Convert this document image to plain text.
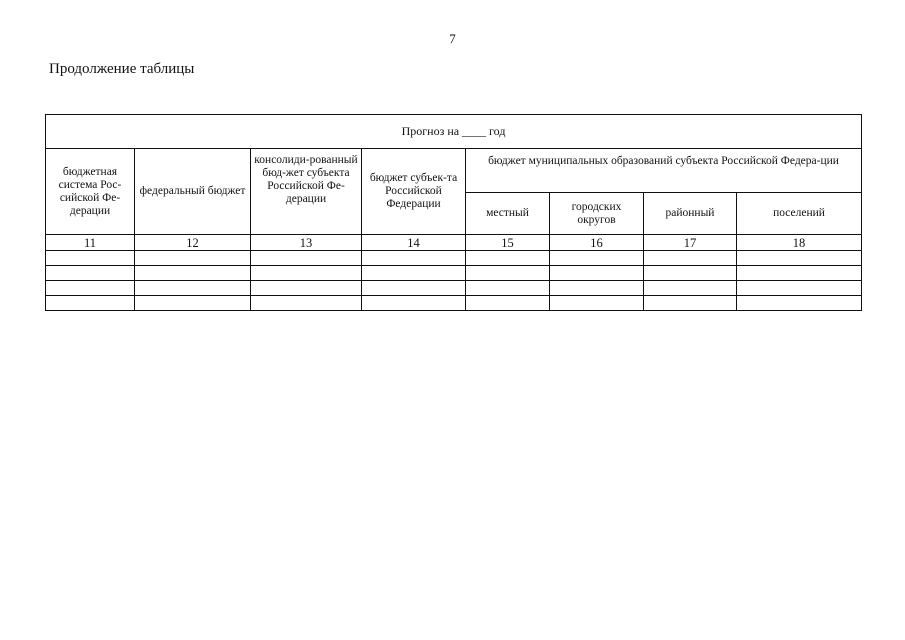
7
Продолжение таблицы
Прогноз на ____ год							
бюджетная система Рос-сийской Фе-дерации	федеральный бюджет	консолиди-рованный бюд-жет субъекта Российской Фе-дерации	бюджет субъек-та Российской Федерации	бюджет муниципальных образований субъекта Российской Федера-ции			
				местный	городских округов	районный	поселений
11	12	13	14	15	16	17	18
